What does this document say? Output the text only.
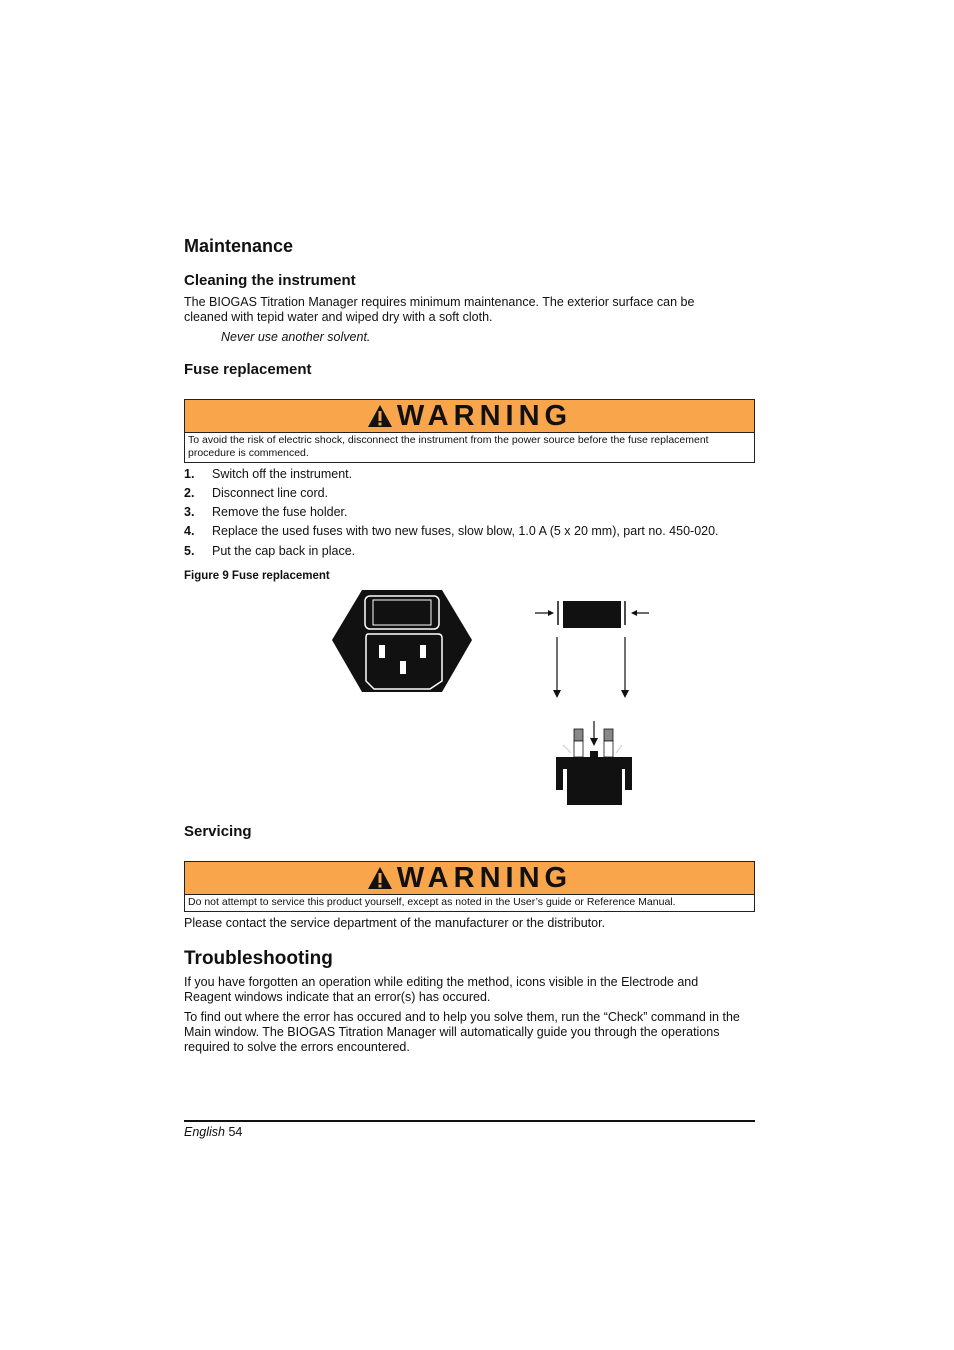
Maintenance
Cleaning the instrument

The BIOGAS Titration Manager requires minimum maintenance. The exterior surface can be cleaned with tepid water and wiped dry with a soft cloth.

Never use another solvent.

Fuse replacement
WARNING
To avoid the risk of electric shock, disconnect the instrument from the power source before the fuse replacement procedure is commenced.
1. Switch off the instrument.
2. Disconnect line cord.
3. Remove the fuse holder.
4. Replace the used fuses with two new fuses, slow blow, 1.0 A (5 x 20 mm), part no. 450-020.
5. Put the cap back in place.
Figure 9 Fuse replacement
Servicing
WARNING
Do not attempt to service this product yourself, except as noted in the User’s guide or Reference Manual.

Please contact the service department of the manufacturer or the distributor.

Troubleshooting

If you have forgotten an operation while editing the method, icons visible in the Electrode and Reagent windows indicate that an error(s) has occured.

To find out where the error has occured and to help you solve them, run the “Check” command in the Main window. The BIOGAS Titration Manager will automatically guide you through the operations required to solve the errors encountered.

English 54
